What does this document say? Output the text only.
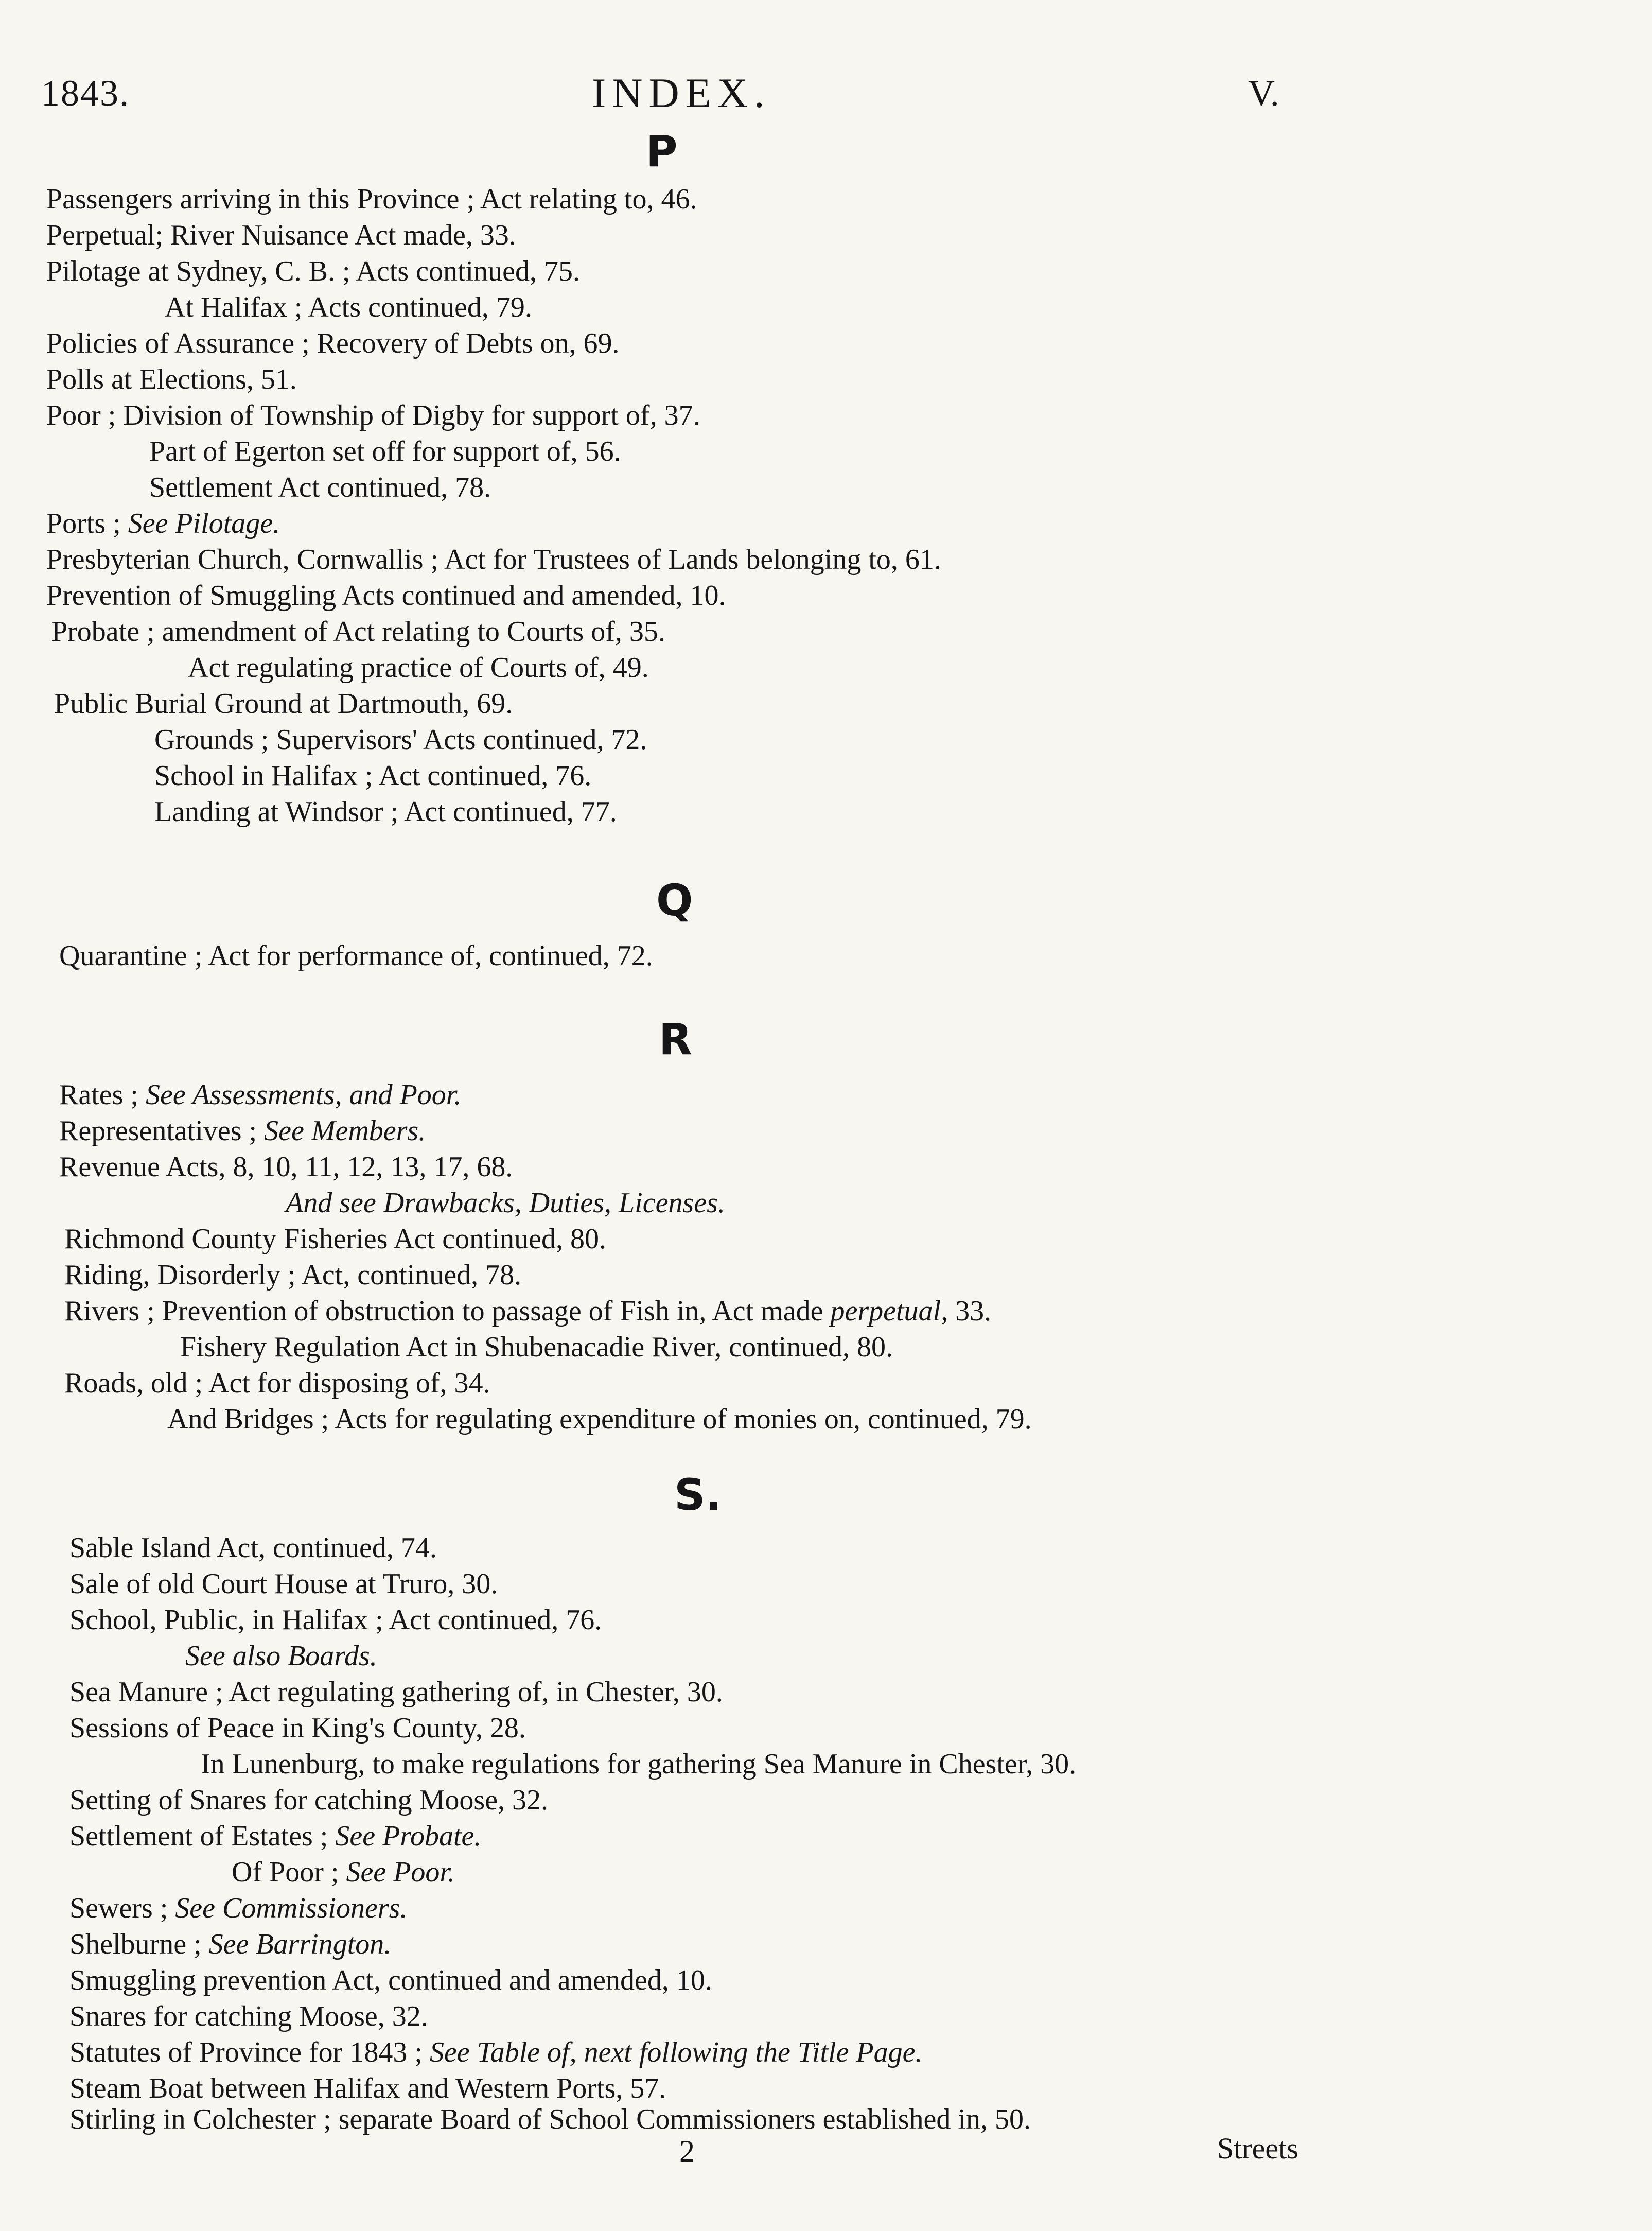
1843.	INDEX.	V.
P
Q
R
S.
Passengers arriving in this Province ; Act relating to, 46.
Perpetual; River Nuisance Act made, 33.
Pilotage at Sydney, C. B. ; Acts continued, 75.
At Halifax ; Acts continued, 79.
Policies of Assurance ; Recovery of Debts on, 69.
Polls at Elections, 51.
Poor ; Division of Township of Digby for support of, 37.
Part of Egerton set off for support of, 56.
Settlement Act continued, 78.
Ports ; See Pilotage.
Presbyterian Church, Cornwallis ; Act for Trustees of Lands belonging to, 61.
Prevention of Smuggling Acts continued and amended, 10.
Probate ; amendment of Act relating to Courts of, 35.
Act regulating practice of Courts of, 49.
Public Burial Ground at Dartmouth, 69.
Grounds ; Supervisors' Acts continued, 72.
School in Halifax ; Act continued, 76.
Landing at Windsor ; Act continued, 77.
Quarantine ; Act for performance of, continued, 72.
Rates ; See Assessments, and Poor.
Representatives ; See Members.
Revenue Acts, 8, 10, 11, 12, 13, 17, 68.
And see Drawbacks, Duties, Licenses.
Richmond County Fisheries Act continued, 80.
Riding, Disorderly ; Act, continued, 78.
Rivers ; Prevention of obstruction to passage of Fish in, Act made perpetual, 33.
Fishery Regulation Act in Shubenacadie River, continued, 80.
Roads, old ; Act for disposing of, 34.
And Bridges ; Acts for regulating expenditure of monies on, continued, 79.
Sable Island Act, continued, 74.
Sale of old Court House at Truro, 30.
School, Public, in Halifax ; Act continued, 76.
See also Boards.
Sea Manure ; Act regulating gathering of, in Chester, 30.
Sessions of Peace in King's County, 28.
In Lunenburg, to make regulations for gathering Sea Manure in Chester, 30.
Setting of Snares for catching Moose, 32.
Settlement of Estates ; See Probate.
Of Poor ; See Poor.
Sewers ; See Commissioners.
Shelburne ; See Barrington.
Smuggling prevention Act, continued and amended, 10.
Snares for catching Moose, 32.
Statutes of Province for 1843 ; See Table of, next following the Title Page.
Steam Boat between Halifax and Western Ports, 57.
Stirling in Colchester ; separate Board of School Commissioners established in, 50.
2	Streets
